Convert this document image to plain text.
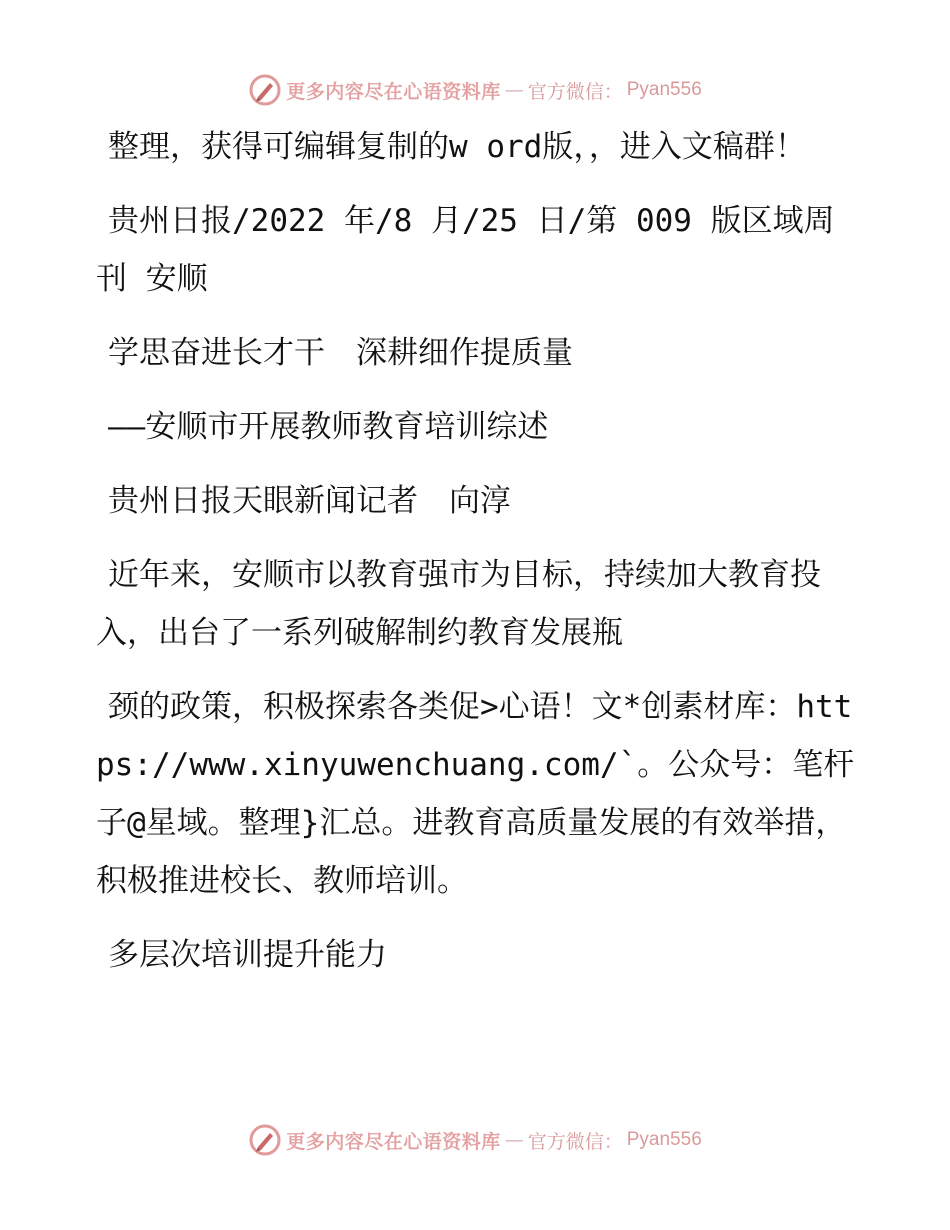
更多内容尽在心语资料库 — 官方微信： Pyan556

整理，获得可编辑复制的w ord版，，进入文稿群！

贵州日报/2022 年/8 月/25 日/第 009 版区域周刊 安顺

学思奋进长才干　深耕细作提质量

——安顺市开展教师教育培训综述

贵州日报天眼新闻记者　向淳

近年来，安顺市以教育强市为目标，持续加大教育投入，出台了一系列破解制约教育发展瓶

颈的政策，积极探索各类促>心语！文*创素材库：https://www.xinyuwenchuang.com/`。公众号：笔杆子@星域。整理}汇总。进教育高质量发展的有效举措，积极推进校长、教师培训。

多层次培训提升能力

更多内容尽在心语资料库 — 官方微信： Pyan556
